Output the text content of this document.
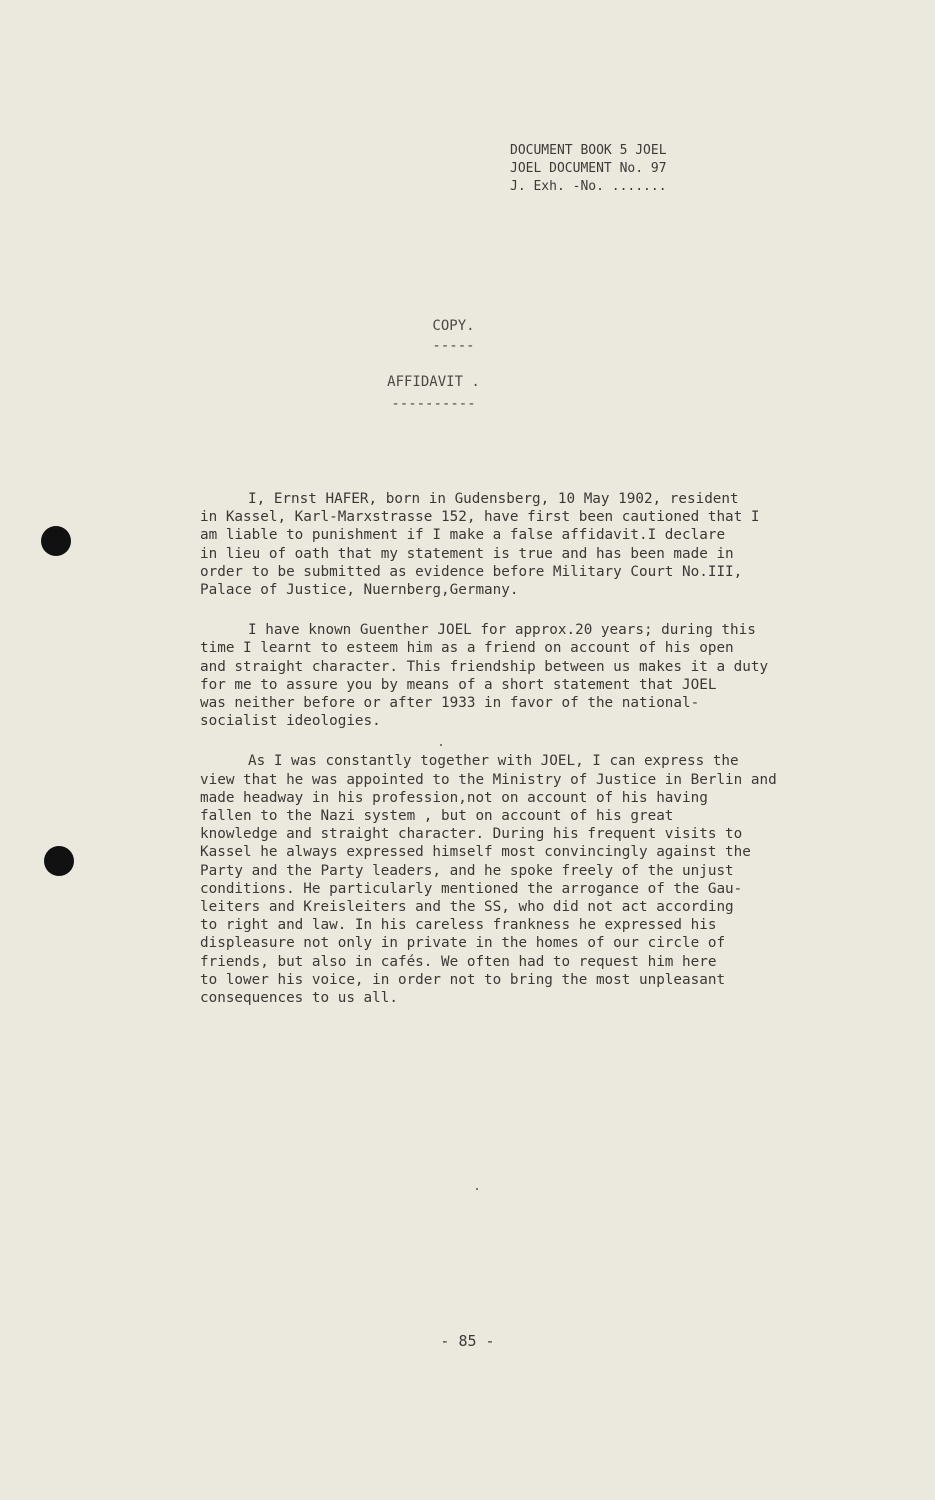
DOCUMENT BOOK 5 JOEL
JOEL DOCUMENT No. 97
J. Exh. -No. .......
COPY.
-----
AFFIDAVIT .
----------
I, Ernst HAFER, born in Gudensberg, 10 May 1902, resident
in Kassel, Karl-Marxstrasse 152, have first been cautioned that I
am liable to punishment if I make a false affidavit.I declare
in lieu of oath that my statement is true and has been made in
order to be submitted as evidence before Military Court No.III,
Palace of Justice, Nuernberg,Germany.
I have known Guenther JOEL for approx.20 years; during this
time I learnt to esteem him as a friend on account of his open
and straight character. This friendship between us makes it a duty
for me to assure you by means of a short statement that JOEL
was neither before or after 1933 in favor of the national-
socialist ideologies.
As I was constantly together with JOEL, I can express the
view that he was appointed to the Ministry of Justice in Berlin and
made headway in his profession,not on account of his having
fallen to the Nazi system , but on account of his great
knowledge and straight character. During his frequent visits to
Kassel he always expressed himself most convincingly against the
Party and the Party leaders, and he spoke freely of the unjust
conditions. He particularly mentioned the arrogance of the Gau-
leiters and Kreisleiters and the SS, who did not act according
to right and law. In his careless frankness he expressed his
displeasure not only in private in the homes of our circle of
friends, but also in cafés. We often had to request him here
to lower his voice, in order not to bring the most unpleasant
consequences to us all.
- 85 -
